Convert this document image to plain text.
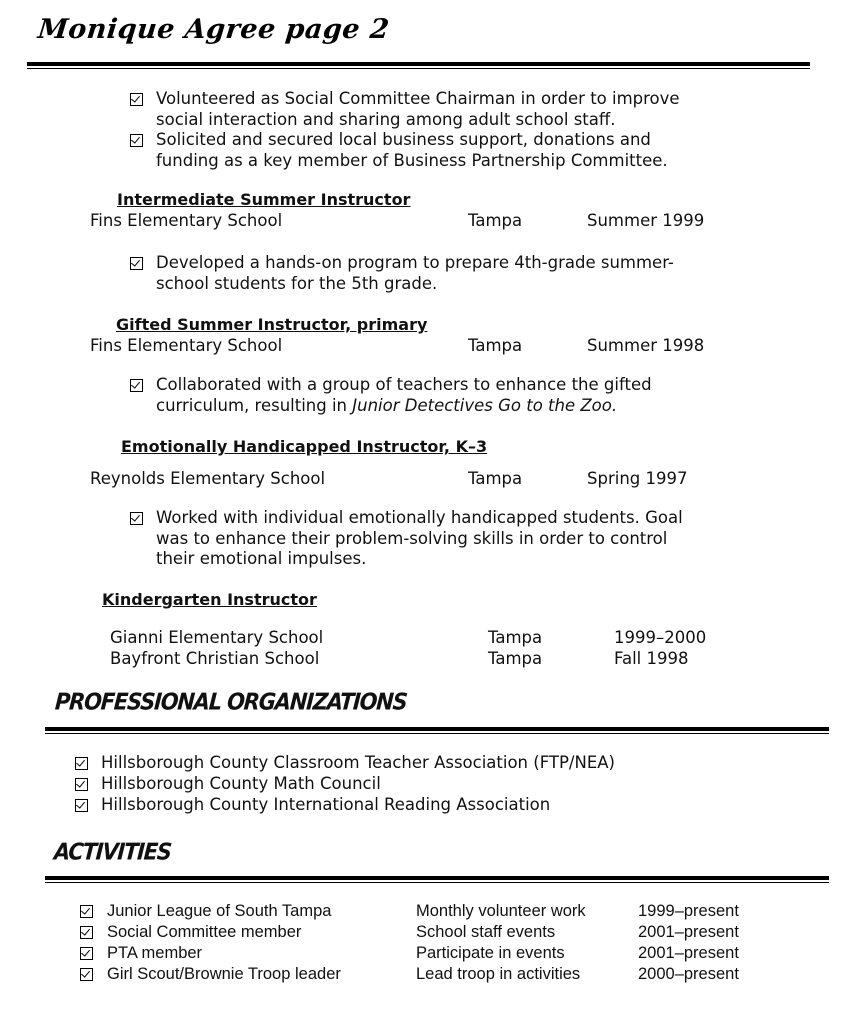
Monique Agree page 2
Volunteered as Social Committee Chairman in order to improve
social interaction and sharing among adult school staff.
Solicited and secured local business support, donations and
funding as a key member of Business Partnership Committee.
Intermediate Summer Instructor
Fins Elementary School	Tampa	Summer 1999
Developed a hands-on program to prepare 4th-grade summer-
school students for the 5th grade.
Gifted Summer Instructor, primary
Fins Elementary School	Tampa	Summer 1998
Collaborated with a group of teachers to enhance the gifted
curriculum, resulting in Junior Detectives Go to the Zoo.
Emotionally Handicapped Instructor, K–3
Reynolds Elementary School	Tampa	Spring 1997
Worked with individual emotionally handicapped students. Goal
was to enhance their problem-solving skills in order to control
their emotional impulses.
Kindergarten Instructor
Gianni Elementary School	Tampa	1999–2000
Bayfront Christian School	Tampa	Fall 1998
PROFESSIONAL ORGANIZATIONS
Hillsborough County Classroom Teacher Association (FTP/NEA)
Hillsborough County Math Council
Hillsborough County International Reading Association
ACTIVITIES
Junior League of South Tampa	Monthly volunteer work	1999–present
Social Committee member	School staff events	2001–present
PTA member	Participate in events	2001–present
Girl Scout/Brownie Troop leader	Lead troop in activities	2000–present
